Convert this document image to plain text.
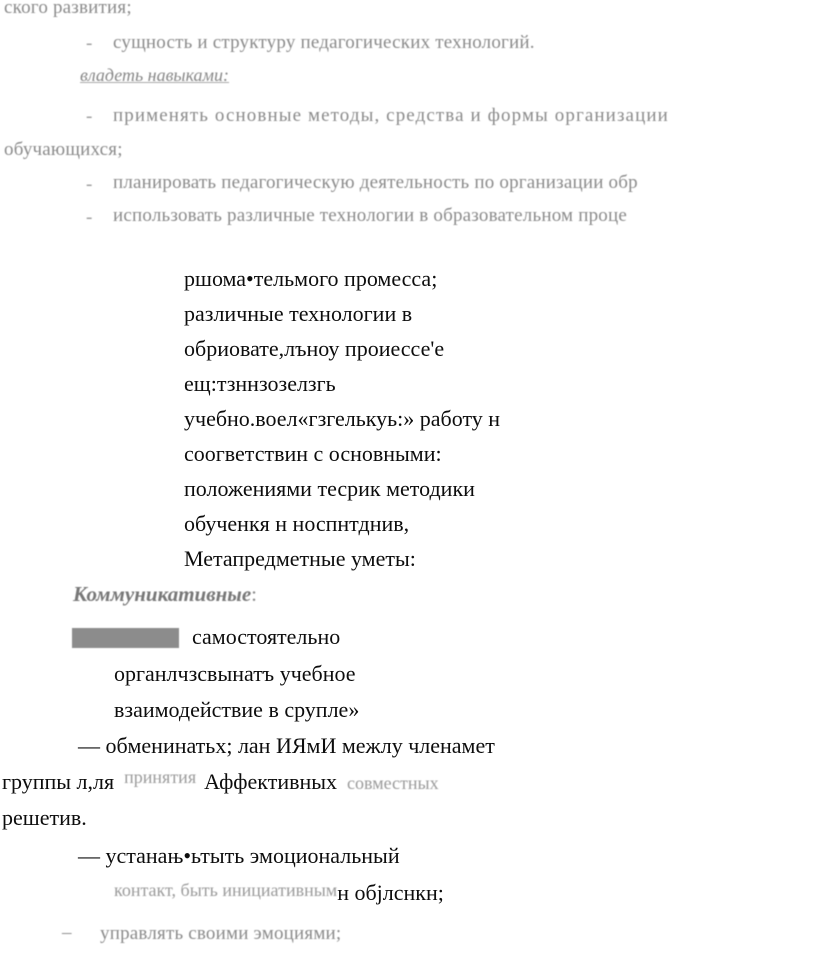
ского развития;
- сущность и структуру педагогических технологий.
владеть навыками:
- применять основные методы, средства и формы организации
обучающихся;
- планировать педагогическую деятельность по организации обр
- использовать различные технологии в образовательном проце
ршома•тельмого промесса;
различные технологии в
обриовате,лъноу проиессе'е
ещ:тзннзозелзгь
учебно.воел«гзгелькуь:» работу н
соогветствин с основными:
положениями тесрик методики
обученкя н носпнтднив,
Метапредметные уметы:
Коммуникативные:
самостоятельно
органлчзсвынатъ учебное
взаимодействие в срупле»
— обменинатьх; лан ИЯмИ межлу членамет
группы л,ля принятия Аффективных совместных
решетив.
— устанањ•ьтыть эмоциональный
контакт, быть инициативнымн објлснкн;
– управлять своими эмоциями;
